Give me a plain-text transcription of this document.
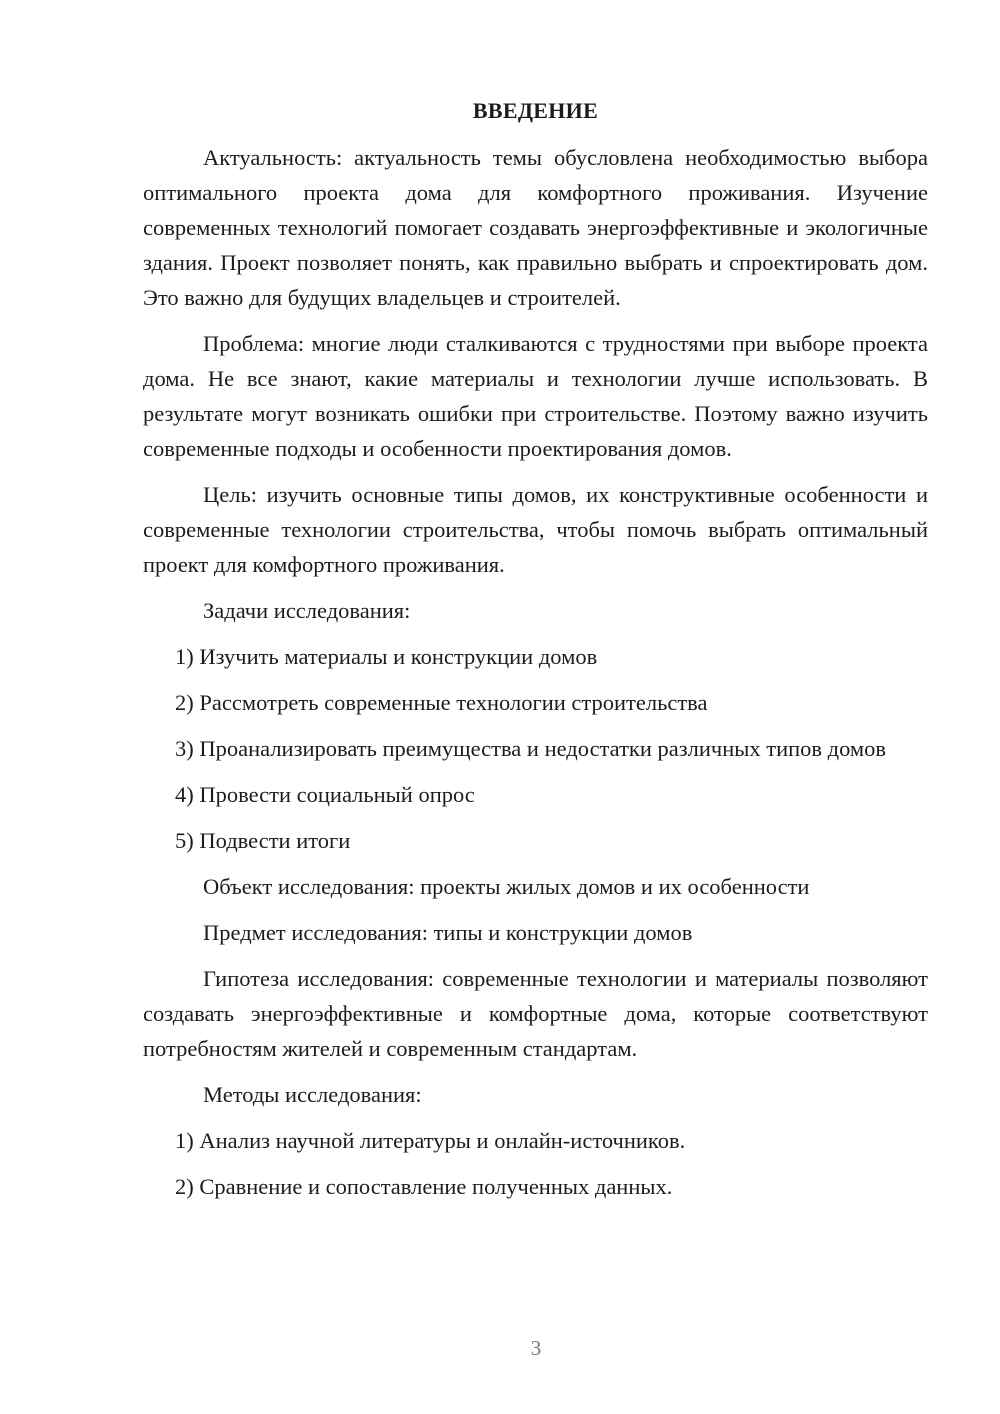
ВВЕДЕНИЕ

Актуальность: актуальность темы обусловлена необходимостью выбора оптимального проекта дома для комфортного проживания. Изучение современных технологий помогает создавать энергоэффективные и экологичные здания. Проект позволяет понять, как правильно выбрать и спроектировать дом. Это важно для будущих владельцев и строителей.

Проблема: многие люди сталкиваются с трудностями при выборе проекта дома. Не все знают, какие материалы и технологии лучше использовать. В результате могут возникать ошибки при строительстве. Поэтому важно изучить современные подходы и особенности проектирования домов.

Цель: изучить основные типы домов, их конструктивные особенности и современные технологии строительства, чтобы помочь выбрать оптимальный проект для комфортного проживания.

Задачи исследования:

1) Изучить материалы и конструкции домов

2) Рассмотреть современные технологии строительства

3) Проанализировать преимущества и недостатки различных типов домов

4) Провести социальный опрос

5) Подвести итоги

Объект исследования: проекты жилых домов и их особенности

Предмет исследования: типы и конструкции домов

Гипотеза исследования: современные технологии и материалы позволяют создавать энергоэффективные и комфортные дома, которые соответствуют потребностям жителей и современным стандартам.

Методы исследования:

1) Анализ научной литературы и онлайн-источников.

2) Сравнение и сопоставление полученных данных.

3
